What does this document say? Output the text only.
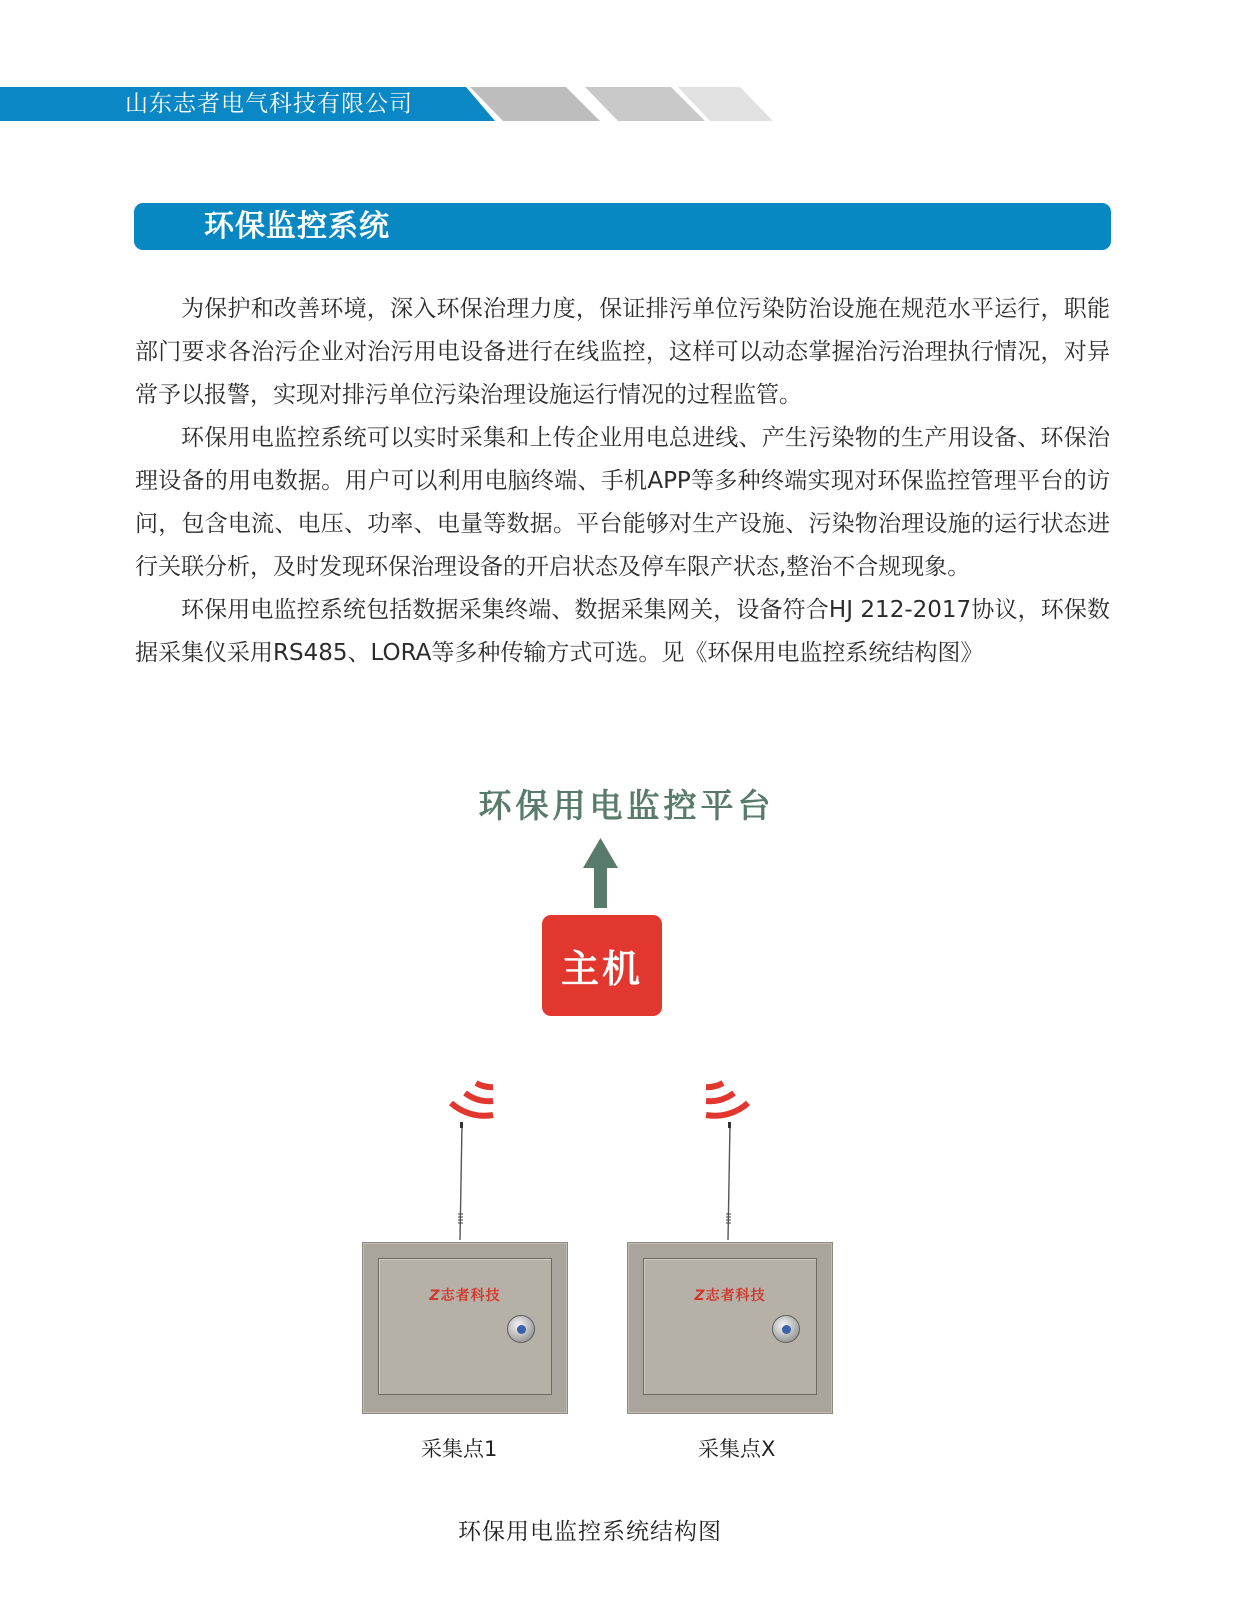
山东志者电气科技有限公司
环保监控系统

为保护和改善环境，深入环保治理力度，保证排污单位污染防治设施在规范水平运行，职能部门要求各治污企业对治污用电设备进行在线监控，这样可以动态掌握治污治理执行情况，对异常予以报警，实现对排污单位污染治理设施运行情况的过程监管。

环保用电监控系统可以实时采集和上传企业用电总进线、产生污染物的生产用设备、环保治理设备的用电数据。用户可以利用电脑终端、手机APP等多种终端实现对环保监控管理平台的访问，包含电流、电压、功率、电量等数据。平台能够对生产设施、污染物治理设施的运行状态进行关联分析，及时发现环保治理设备的开启状态及停车限产状态,整治不合规现象。

环保用电监控系统包括数据采集终端、数据采集网关，设备符合HJ 212-2017协议，环保数据采集仪采用RS485、LORA等多种传输方式可选。见《环保用电监控系统结构图》

环保用电监控平台
主机
Z志者科技	Z志者科技
采集点1	采集点X
环保用电监控系统结构图
